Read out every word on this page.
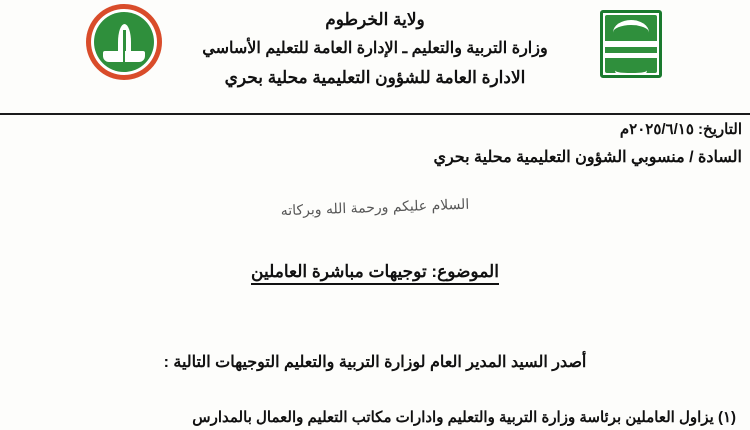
ولاية الخرطوم
وزارة التربية والتعليم ـ الإدارة العامة للتعليم الأساسي
الادارة العامة للشؤون التعليمية محلية بحري
التاريخ: ٢٠٢٥/٦/١٥م
السادة / منسوبي الشؤون التعليمية محلية بحري
السلام عليكم ورحمة الله وبركاته
الموضوع: توجيهات مباشرة العاملين
أصدر السيد المدير العام لوزارة التربية والتعليم التوجيهات التالية :
(١) يزاول العاملين برئاسة وزارة التربية والتعليم وادارات مكاتب التعليم والعمال بالمدارس
